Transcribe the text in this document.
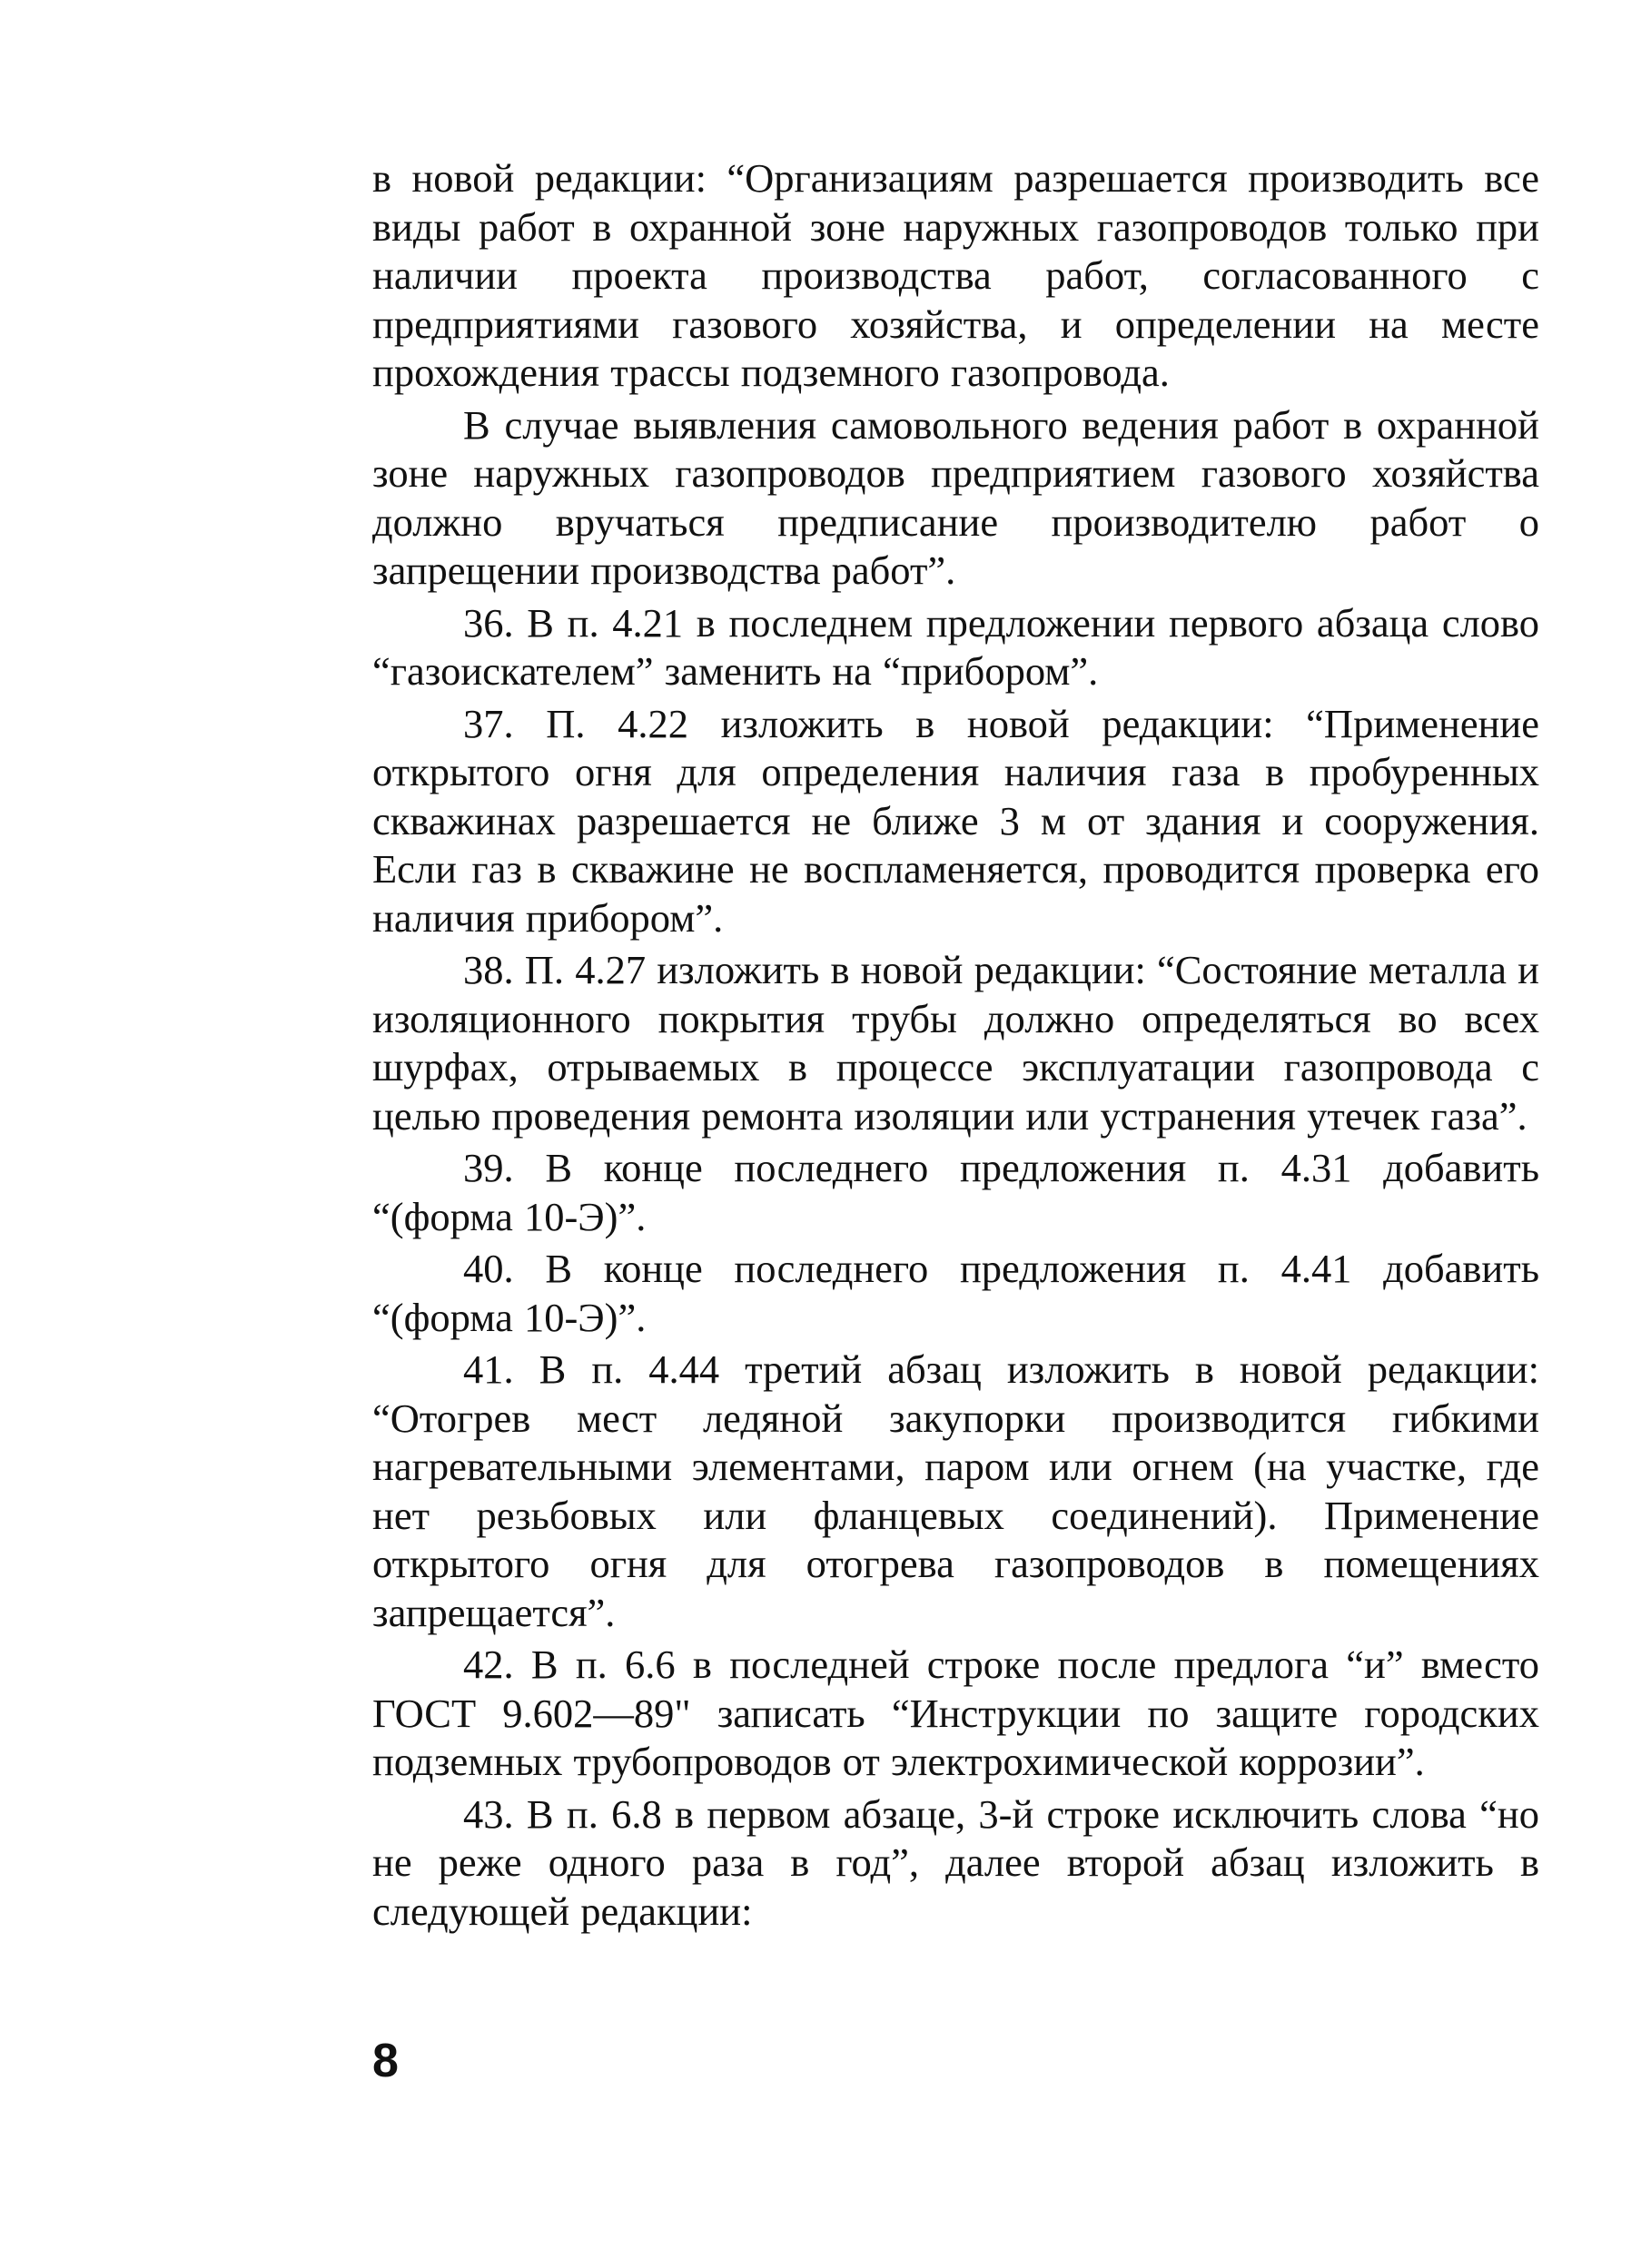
в новой редакции: “Организациям разрешается производить все виды работ в охранной зоне наружных газопроводов только при наличии проекта производства работ, согласованного с предприятиями газового хозяйства, и определении на месте прохождения трассы подземного газопровода.

В случае выявления самовольного ведения работ в охранной зоне наружных газопроводов предприятием газового хозяйства должно вручаться предписание производителю работ о запрещении производства работ”.

36. В п. 4.21 в последнем предложении первого абзаца слово “газоискателем” заменить на “прибором”.

37. П. 4.22 изложить в новой редакции: “Применение открытого огня для определения наличия газа в пробуренных скважинах разрешается не ближе 3 м от здания и сооружения. Если газ в скважине не воспламеняется, проводится проверка его наличия прибором”.

38. П. 4.27 изложить в новой редакции: “Состояние металла и изоляционного покрытия трубы должно определяться во всех шурфах, отрываемых в процессе эксплуатации газопровода с целью проведения ремонта изоляции или устранения утечек газа”.

39. В конце последнего предложения п. 4.31 добавить “(форма 10-Э)”.

40. В конце последнего предложения п. 4.41 добавить “(форма 10-Э)”.

41. В п. 4.44 третий абзац изложить в новой редакции: “Отогрев мест ледяной закупорки производится гибкими нагревательными элементами, паром или огнем (на участке, где нет резьбовых или фланцевых соединений). Применение открытого огня для отогрева газопроводов в помещениях запрещается”.

42. В п. 6.6 в последней строке после предлога “и” вместо ГОСТ 9.602—89" записать “Инструкции по защите городских подземных трубопроводов от электрохимической коррозии”.

43. В п. 6.8 в первом абзаце, 3-й строке исключить слова “но не реже одного раза в год”, далее второй абзац изложить в следующей редакции:

8
